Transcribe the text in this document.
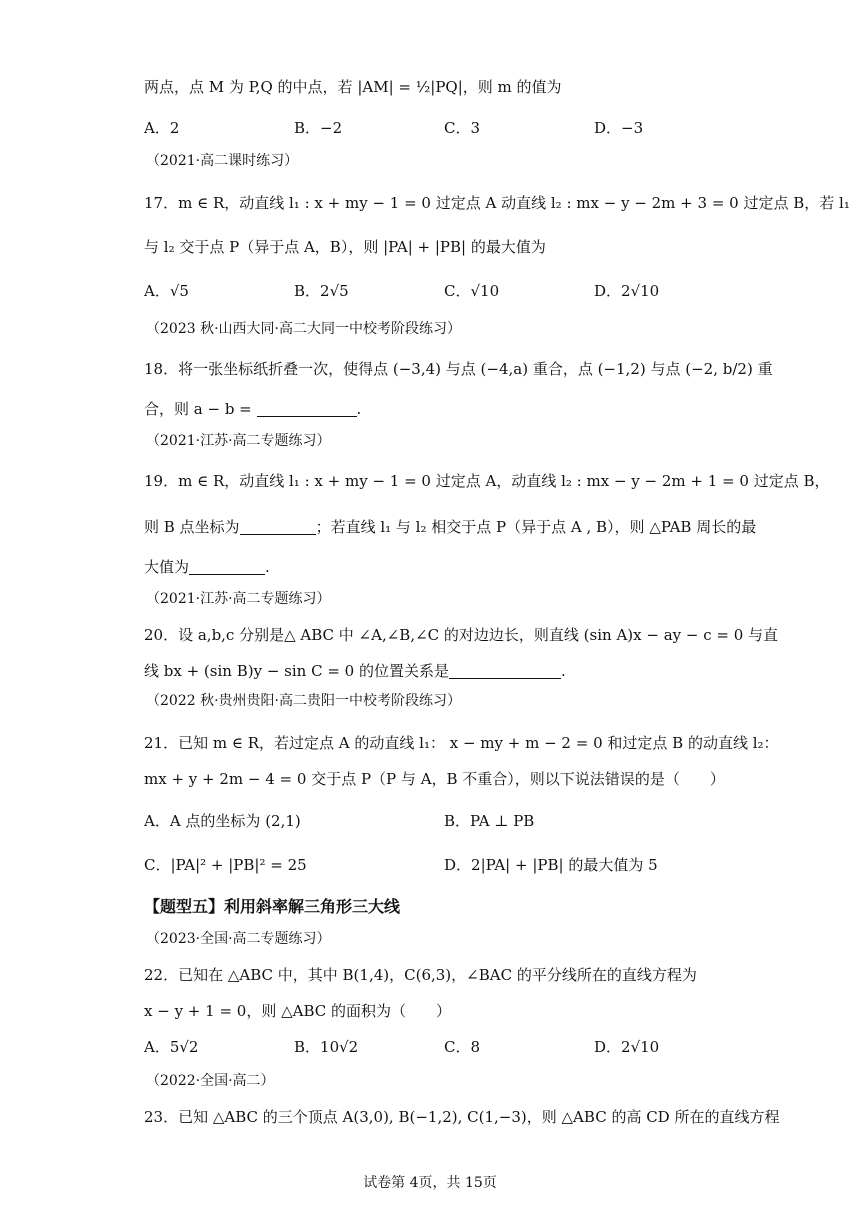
两点，点 M 为 P,Q 的中点，若 |AM| = ½|PQ|，则 m 的值为
A．2	B．−2	C．3	D．−3
（2021·高二课时练习）
17．m ∈ R，动直线 l₁ : x + my − 1 = 0 过定点 A 动直线 l₂ : mx − y − 2m + 3 = 0 过定点 B，若 l₁
与 l₂ 交于点 P（异于点 A，B），则 |PA| + |PB| 的最大值为
A．√5	B．2√5	C．√10	D．2√10
（2023 秋·山西大同·高二大同一中校考阶段练习）
18．将一张坐标纸折叠一次，使得点 (−3,4) 与点 (−4,a) 重合，点 (−1,2) 与点 (−2, b/2) 重
合，则 a − b =	.
（2021·江苏·高二专题练习）
19．m ∈ R，动直线 l₁ : x + my − 1 = 0 过定点 A，动直线 l₂ : mx − y − 2m + 1 = 0 过定点 B，
则 B 点坐标为	；若直线 l₁ 与 l₂ 相交于点 P（异于点 A , B），则 △PAB 周长的最
大值为	.
（2021·江苏·高二专题练习）
20．设 a,b,c 分别是△ ABC 中 ∠A,∠B,∠C 的对边边长，则直线 (sin A)x − ay − c = 0 与直
线 bx + (sin B)y − sin C = 0 的位置关系是	.
（2022 秋·贵州贵阳·高二贵阳一中校考阶段练习）
21．已知 m ∈ R，若过定点 A 的动直线 l₁： x − my + m − 2 = 0 和过定点 B 的动直线 l₂：
mx + y + 2m − 4 = 0 交于点 P（P 与 A，B 不重合），则以下说法错误的是（　　）
A．A 点的坐标为 (2,1)	B．PA ⊥ PB
C．|PA|² + |PB|² = 25	D．2|PA| + |PB| 的最大值为 5
【题型五】利用斜率解三角形三大线
（2023·全国·高二专题练习）
22．已知在 △ABC 中，其中 B(1,4)，C(6,3)，∠BAC 的平分线所在的直线方程为
x − y + 1 = 0，则 △ABC 的面积为（　　）
A．5√2	B．10√2	C．8	D．2√10
（2022·全国·高二）
23．已知 △ABC 的三个顶点 A(3,0), B(−1,2), C(1,−3)，则 △ABC 的高 CD 所在的直线方程
试卷第 4页，共 15页
